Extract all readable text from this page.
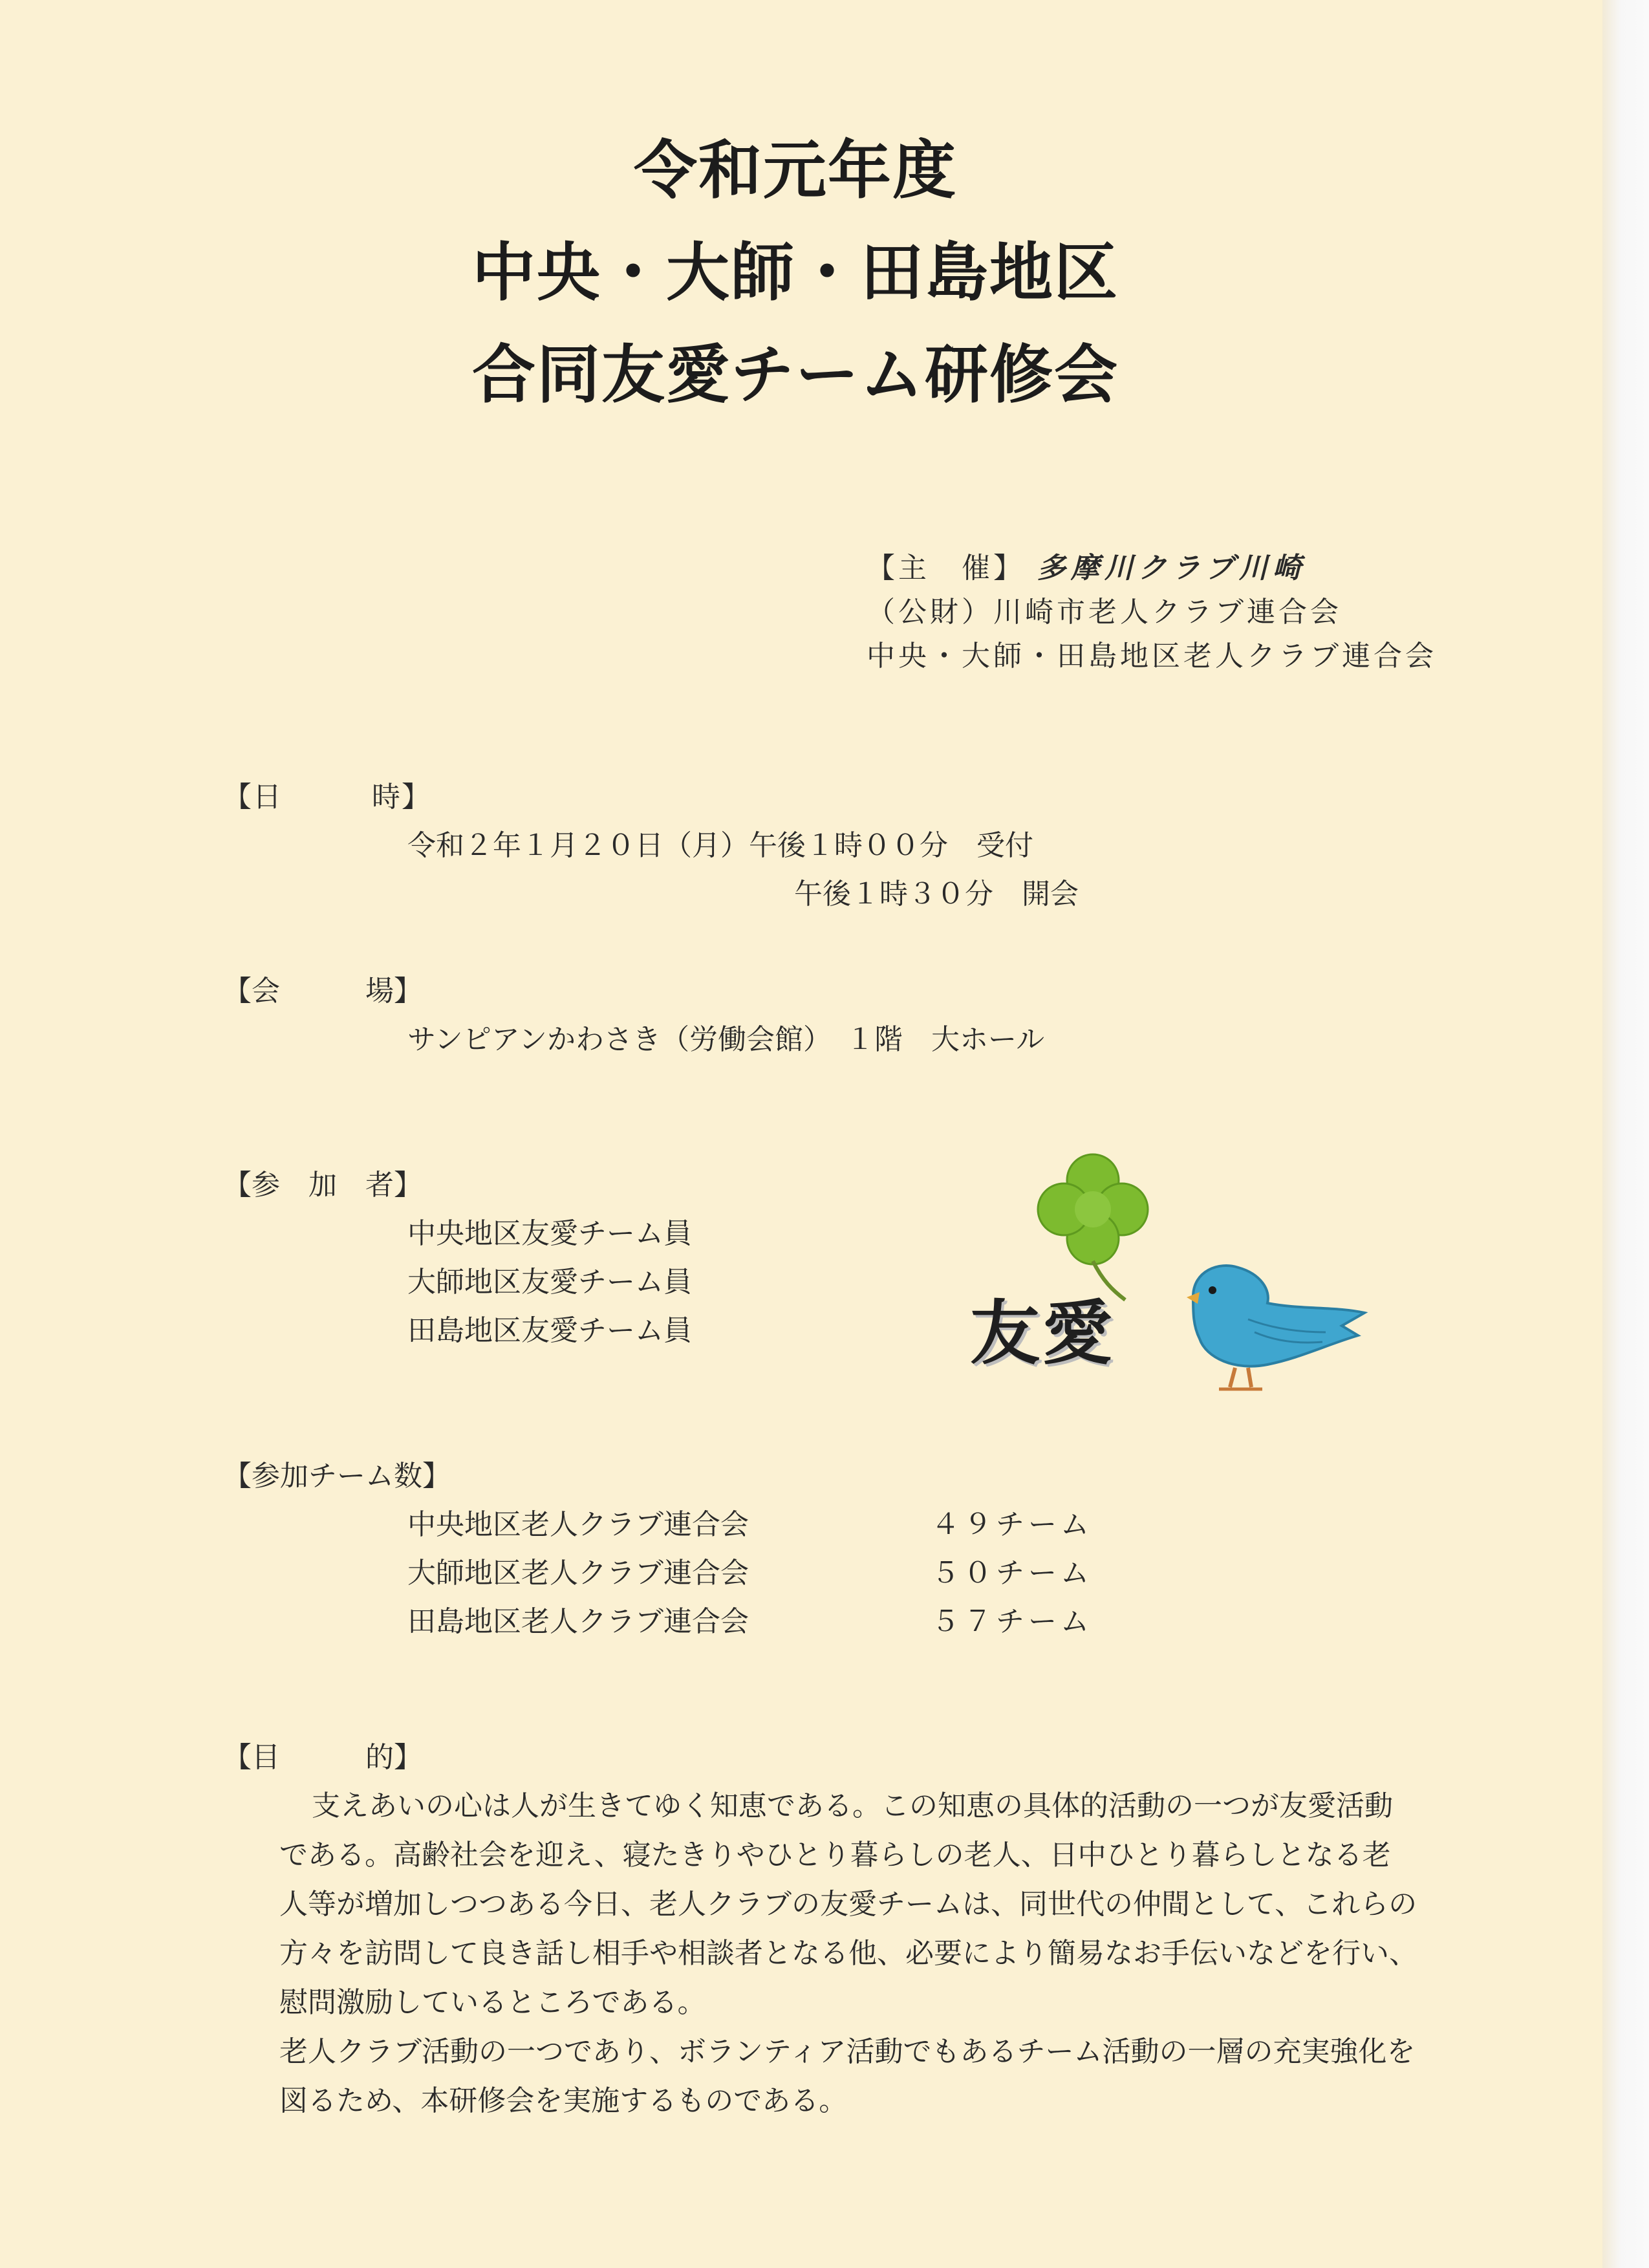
令和元年度
中央・大師・田島地区
合同友愛チーム研修会
【主　催】 多摩川クラブ川崎
（公財）川崎市老人クラブ連合会
中央・大師・田島地区老人クラブ連合会
【日　　　時】
令和２年１月２０日（月）午後１時００分　受付
午後１時３０分　開会
【会　　　場】
サンピアンかわさき（労働会館）　１階　大ホール
【参　加　者】
中央地区友愛チーム員
大師地区友愛チーム員
田島地区友愛チーム員	友愛
【参加チーム数】
中央地区老人クラブ連合会	４９チーム
大師地区老人クラブ連合会	５０チーム
田島地区老人クラブ連合会	５７チーム
【目　　　的】

支えあいの心は人が生きてゆく知恵である。この知恵の具体的活動の一つが友愛活動である。高齢社会を迎え、寝たきりやひとり暮らしの老人、日中ひとり暮らしとなる老人等が増加しつつある今日、老人クラブの友愛チームは、同世代の仲間として、これらの方々を訪問して良き話し相手や相談者となる他、必要により簡易なお手伝いなどを行い、慰問激励しているところである。

老人クラブ活動の一つであり、ボランティア活動でもあるチーム活動の一層の充実強化を図るため、本研修会を実施するものである。
